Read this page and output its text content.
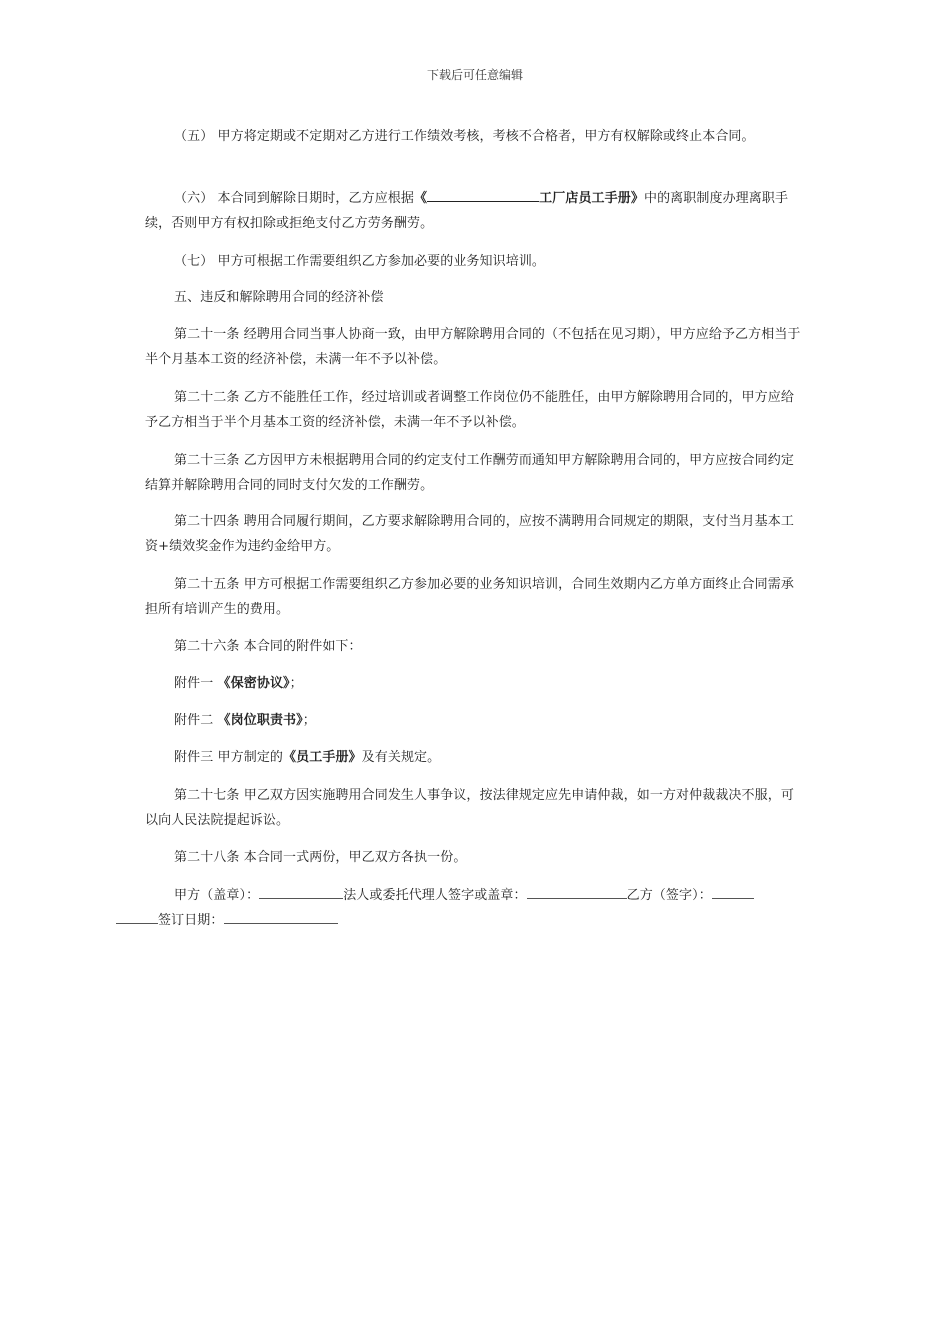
下载后可任意编辑
（五） 甲方将定期或不定期对乙方进行工作绩效考核，考核不合格者，甲方有权解除或终止本合同。
（六） 本合同到解除日期时，乙方应根据《	工厂店员工手册》中的离职制度办理离职手续，否则甲方有权扣除或拒绝支付乙方劳务酬劳。
（七） 甲方可根据工作需要组织乙方参加必要的业务知识培训。
五、违反和解除聘用合同的经济补偿
第二十一条 经聘用合同当事人协商一致，由甲方解除聘用合同的（不包括在见习期），甲方应给予乙方相当于半个月基本工资的经济补偿，未满一年不予以补偿。
第二十二条 乙方不能胜任工作，经过培训或者调整工作岗位仍不能胜任，由甲方解除聘用合同的，甲方应给予乙方相当于半个月基本工资的经济补偿，未满一年不予以补偿。
第二十三条 乙方因甲方未根据聘用合同的约定支付工作酬劳而通知甲方解除聘用合同的，甲方应按合同约定结算并解除聘用合同的同时支付欠发的工作酬劳。
第二十四条 聘用合同履行期间，乙方要求解除聘用合同的，应按不满聘用合同规定的期限，支付当月基本工资+绩效奖金作为违约金给甲方。
第二十五条 甲方可根据工作需要组织乙方参加必要的业务知识培训，合同生效期内乙方单方面终止合同需承担所有培训产生的费用。
第二十六条 本合同的附件如下：
附件一 《保密协议》；
附件二 《岗位职责书》；
附件三 甲方制定的《员工手册》及有关规定。
第二十七条 甲乙双方因实施聘用合同发生人事争议，按法律规定应先申请仲裁，如一方对仲裁裁决不服，可以向人民法院提起诉讼。
第二十八条 本合同一式两份，甲乙双方各执一份。
甲方（盖章）：	法人或委托代理人签字或盖章：	乙方（签字）：
签订日期：
